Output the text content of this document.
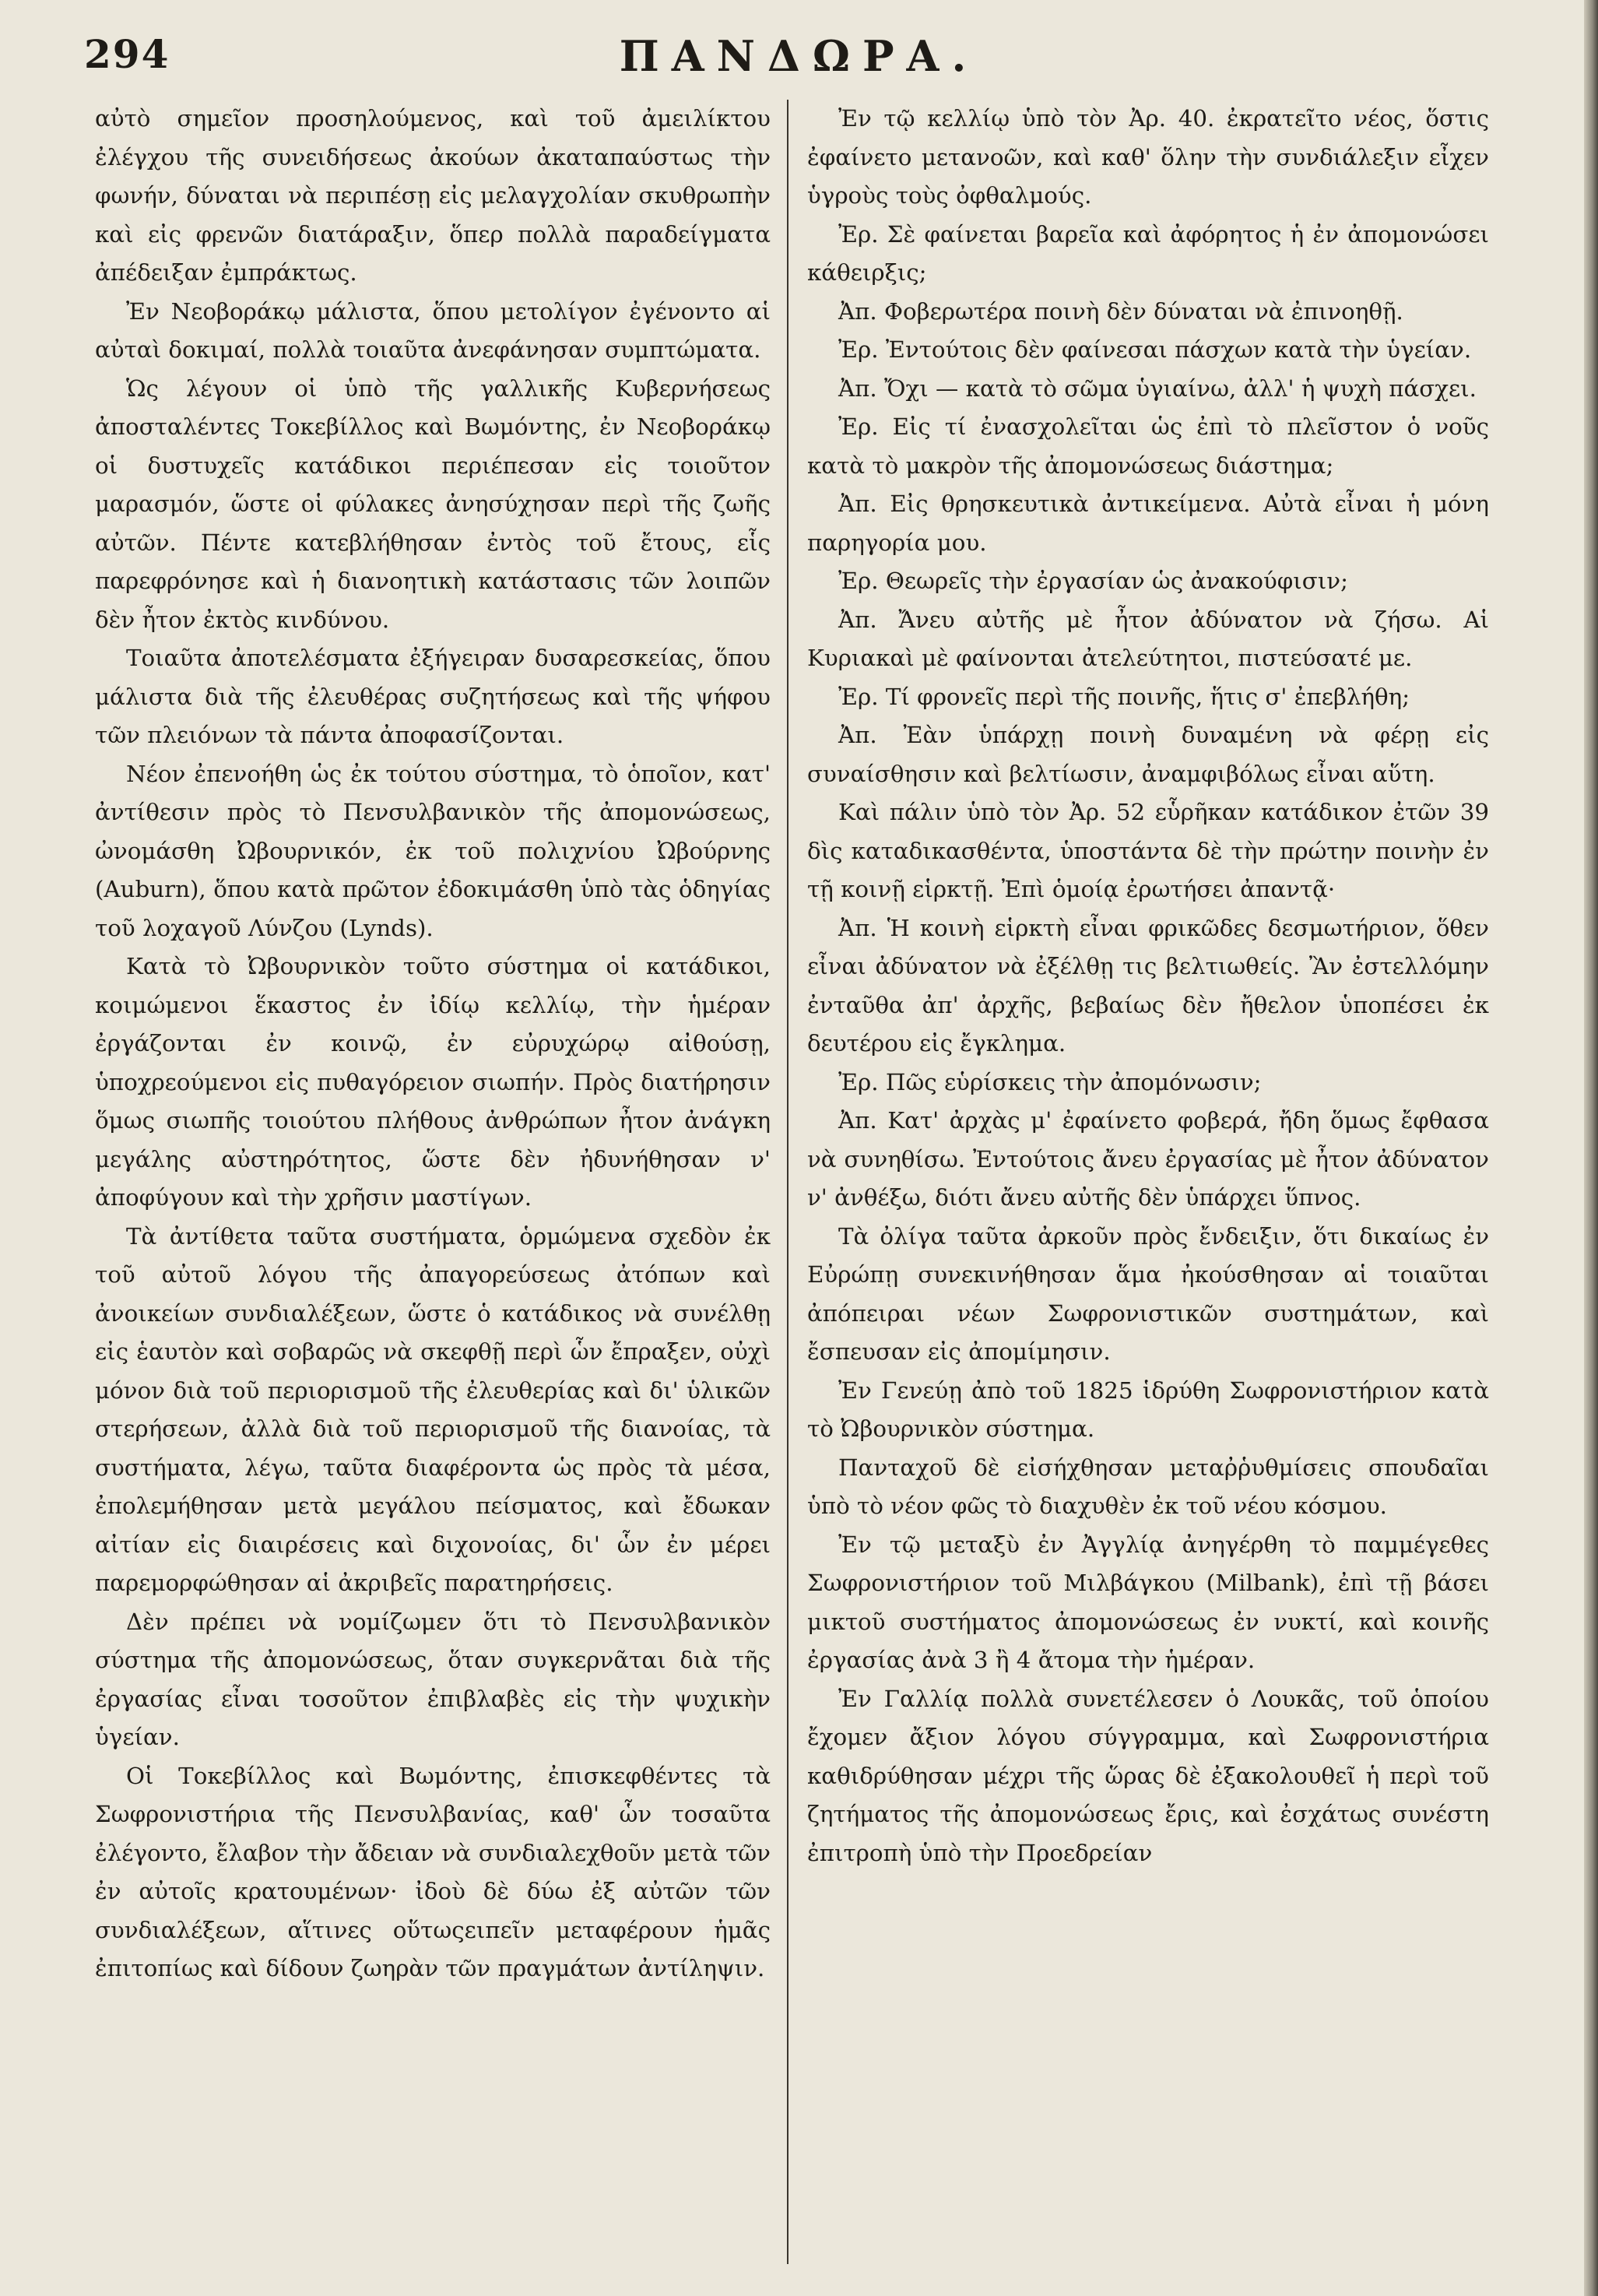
294	ΠΑΝΔΩΡΑ.

αὐτὸ σημεῖον προσηλούμενος, καὶ τοῦ ἀμειλίκτου ἐλέγχου τῆς συνειδήσεως ἀκούων ἀκαταπαύστως τὴν φωνήν, δύναται νὰ περιπέσῃ εἰς μελαγχολίαν σκυθρωπὴν καὶ εἰς φρενῶν διατάραξιν, ὅπερ πολλὰ παραδείγματα ἀπέδειξαν ἐμπράκτως.

Ἐν Νεοβοράκῳ μάλιστα, ὅπου μετολίγον ἐγένοντο αἱ αὐταὶ δοκιμαί, πολλὰ τοιαῦτα ἀνεφάνησαν συμπτώματα.

Ὡς λέγουν οἱ ὑπὸ τῆς γαλλικῆς Κυβερνήσεως ἀποσταλέντες Τοκεβίλλος καὶ Βωμόντης, ἐν Νεοβοράκῳ οἱ δυστυχεῖς κατάδικοι περιέπεσαν εἰς τοιοῦτον μαρασμόν, ὥστε οἱ φύλακες ἀνησύχησαν περὶ τῆς ζωῆς αὐτῶν. Πέντε κατεβλήθησαν ἐντὸς τοῦ ἔτους, εἷς παρεφρόνησε καὶ ἡ διανοητικὴ κατάστασις τῶν λοιπῶν δὲν ἦτον ἐκτὸς κινδύνου.

Τοιαῦτα ἀποτελέσματα ἐξήγειραν δυσαρεσκείας, ὅπου μάλιστα διὰ τῆς ἐλευθέρας συζητήσεως καὶ τῆς ψήφου τῶν πλειόνων τὰ πάντα ἀποφασίζονται.

Νέον ἐπενοήθη ὡς ἐκ τούτου σύστημα, τὸ ὁποῖον, κατ' ἀντίθεσιν πρὸς τὸ Πενσυλβανικὸν τῆς ἀπομονώσεως, ὠνομάσθη Ὠβουρνικόν, ἐκ τοῦ πολιχνίου Ὠβούρνης (Auburn), ὅπου κατὰ πρῶτον ἐδοκιμάσθη ὑπὸ τὰς ὁδηγίας τοῦ λοχαγοῦ Λύνζου (Lynds).

Κατὰ τὸ Ὠβουρνικὸν τοῦτο σύστημα οἱ κατάδικοι, κοιμώμενοι ἕκαστος ἐν ἰδίῳ κελλίῳ, τὴν ἡμέραν ἐργάζονται ἐν κοινῷ, ἐν εὐρυχώρῳ αἰθούσῃ, ὑποχρεούμενοι εἰς πυθαγόρειον σιωπήν. Πρὸς διατήρησιν ὅμως σιωπῆς τοιούτου πλήθους ἀνθρώπων ἦτον ἀνάγκη μεγάλης αὐστηρότητος, ὥστε δὲν ἠδυνήθησαν ν' ἀποφύγουν καὶ τὴν χρῆσιν μαστίγων.

Τὰ ἀντίθετα ταῦτα συστήματα, ὁρμώμενα σχεδὸν ἐκ τοῦ αὐτοῦ λόγου τῆς ἀπαγορεύσεως ἀτόπων καὶ ἀνοικείων συνδιαλέξεων, ὥστε ὁ κατάδικος νὰ συνέλθῃ εἰς ἑαυτὸν καὶ σοβαρῶς νὰ σκεφθῇ περὶ ὧν ἔπραξεν, οὐχὶ μόνον διὰ τοῦ περιορισμοῦ τῆς ἐλευθερίας καὶ δι' ὑλικῶν στερήσεων, ἀλλὰ διὰ τοῦ περιορισμοῦ τῆς διανοίας, τὰ συστήματα, λέγω, ταῦτα διαφέροντα ὡς πρὸς τὰ μέσα, ἐπολεμήθησαν μετὰ μεγάλου πείσματος, καὶ ἔδωκαν αἰτίαν εἰς διαιρέσεις καὶ διχονοίας, δι' ὧν ἐν μέρει παρεμορφώθησαν αἱ ἀκριβεῖς παρατηρήσεις.

Δὲν πρέπει νὰ νομίζωμεν ὅτι τὸ Πενσυλβανικὸν σύστημα τῆς ἀπομονώσεως, ὅταν συγκερνᾶται διὰ τῆς ἐργασίας εἶναι τοσοῦτον ἐπιβλαβὲς εἰς τὴν ψυχικὴν ὑγείαν.

Οἱ Τοκεβίλλος καὶ Βωμόντης, ἐπισκεφθέντες τὰ Σωφρονιστήρια τῆς Πενσυλβανίας, καθ' ὧν τοσαῦτα ἐλέγοντο, ἔλαβον τὴν ἄδειαν νὰ συνδιαλεχθοῦν μετὰ τῶν ἐν αὐτοῖς κρατουμένων· ἰδοὺ δὲ δύω ἐξ αὐτῶν τῶν συνδιαλέξεων, αἵτινες οὕτωςειπεῖν μεταφέρουν ἡμᾶς ἐπιτοπίως καὶ δίδουν ζωηρὰν τῶν πραγμάτων ἀντίληψιν.

Ἐν τῷ κελλίῳ ὑπὸ τὸν Ἀρ. 40. ἐκρατεῖτο νέος, ὅστις ἐφαίνετο μετανοῶν, καὶ καθ' ὅλην τὴν συνδιάλεξιν εἶχεν ὑγροὺς τοὺς ὀφθαλμούς.

Ἐρ. Σὲ φαίνεται βαρεῖα καὶ ἀφόρητος ἡ ἐν ἀπομονώσει κάθειρξις;

Ἀπ. Φοβερωτέρα ποινὴ δὲν δύναται νὰ ἐπινοηθῇ.

Ἐρ. Ἐντούτοις δὲν φαίνεσαι πάσχων κατὰ τὴν ὑγείαν.

Ἀπ. Ὄχι — κατὰ τὸ σῶμα ὑγιαίνω, ἀλλ' ἡ ψυχὴ πάσχει.

Ἐρ. Εἰς τί ἐνασχολεῖται ὡς ἐπὶ τὸ πλεῖστον ὁ νοῦς κατὰ τὸ μακρὸν τῆς ἀπομονώσεως διάστημα;

Ἀπ. Εἰς θρησκευτικὰ ἀντικείμενα. Αὐτὰ εἶναι ἡ μόνη παρηγορία μου.

Ἐρ. Θεωρεῖς τὴν ἐργασίαν ὡς ἀνακούφισιν;

Ἀπ. Ἄνευ αὐτῆς μὲ ἦτον ἀδύνατον νὰ ζήσω. Αἱ Κυριακαὶ μὲ φαίνονται ἀτελεύτητοι, πιστεύσατέ με.

Ἐρ. Τί φρονεῖς περὶ τῆς ποινῆς, ἥτις σ' ἐπεβλήθη;

Ἀπ. Ἐὰν ὑπάρχῃ ποινὴ δυναμένη νὰ φέρῃ εἰς συναίσθησιν καὶ βελτίωσιν, ἀναμφιβόλως εἶναι αὕτη.

Καὶ πάλιν ὑπὸ τὸν Ἀρ. 52 εὗρῆκαν κατάδικον ἐτῶν 39 δὶς καταδικασθέντα, ὑποστάντα δὲ τὴν πρώτην ποινὴν ἐν τῇ κοινῇ εἱρκτῇ. Ἐπὶ ὁμοίᾳ ἐρωτήσει ἀπαντᾷ·

Ἀπ. Ἡ κοινὴ εἱρκτὴ εἶναι φρικῶδες δεσμωτήριον, ὅθεν εἶναι ἀδύνατον νὰ ἐξέλθῃ τις βελτιωθείς. Ἂν ἐστελλόμην ἐνταῦθα ἀπ' ἀρχῆς, βεβαίως δὲν ἤθελον ὑποπέσει ἐκ δευτέρου εἰς ἔγκλημα.

Ἐρ. Πῶς εὑρίσκεις τὴν ἀπομόνωσιν;

Ἀπ. Κατ' ἀρχὰς μ' ἐφαίνετο φοβερά, ἤδη ὅμως ἔφθασα νὰ συνηθίσω. Ἐντούτοις ἄνευ ἐργασίας μὲ ἦτον ἀδύνατον ν' ἀνθέξω, διότι ἄνευ αὐτῆς δὲν ὑπάρχει ὕπνος.

Τὰ ὀλίγα ταῦτα ἀρκοῦν πρὸς ἔνδειξιν, ὅτι δικαίως ἐν Εὐρώπῃ συνεκινήθησαν ἅμα ἠκούσθησαν αἱ τοιαῦται ἀπόπειραι νέων Σωφρονιστικῶν συστημάτων, καὶ ἔσπευσαν εἰς ἀπομίμησιν.

Ἐν Γενεύῃ ἀπὸ τοῦ 1825 ἱδρύθη Σωφρονιστήριον κατὰ τὸ Ὠβουρνικὸν σύστημα.

Πανταχοῦ δὲ εἰσήχθησαν μεταῤῥυθμίσεις σπουδαῖαι ὑπὸ τὸ νέον φῶς τὸ διαχυθὲν ἐκ τοῦ νέου κόσμου.

Ἐν τῷ μεταξὺ ἐν Ἀγγλίᾳ ἀνηγέρθη τὸ παμμέγεθες Σωφρονιστήριον τοῦ Μιλβάγκου (Milbank), ἐπὶ τῇ βάσει μικτοῦ συστήματος ἀπομονώσεως ἐν νυκτί, καὶ κοινῆς ἐργασίας ἀνὰ 3 ἢ 4 ἄτομα τὴν ἡμέραν.

Ἐν Γαλλίᾳ πολλὰ συνετέλεσεν ὁ Λουκᾶς, τοῦ ὁποίου ἔχομεν ἄξιον λόγου σύγγραμμα, καὶ Σωφρονιστήρια καθιδρύθησαν μέχρι τῆς ὥρας δὲ ἐξακολουθεῖ ἡ περὶ τοῦ ζητήματος τῆς ἀπομονώσεως ἔρις, καὶ ἐσχάτως συνέστη ἐπιτροπὴ ὑπὸ τὴν Προεδρείαν
